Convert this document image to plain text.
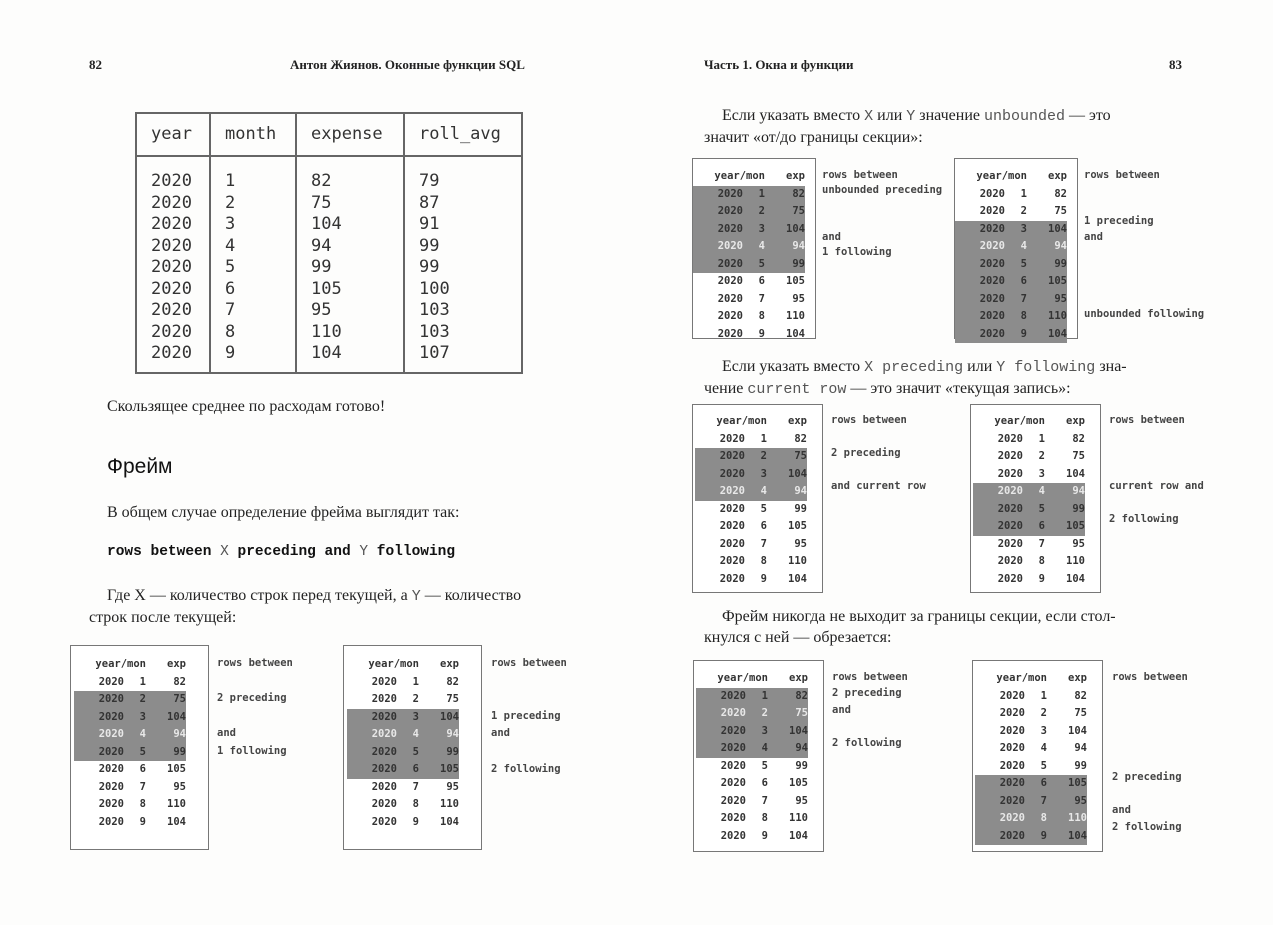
82	Антон Жиянов. Оконные функции SQL
year	month	expense	roll_avg
2020	1	82	79
2020	2	75	87
2020	3	104	91
2020	4	94	99
2020	5	99	99
2020	6	105	100
2020	7	95	103
2020	8	110	103
2020	9	104	107
Скользящее среднее по расходам готово!
Фрейм
В общем случае определение фрейма выглядит так:
rows between X preceding and Y following
Где X — количество строк перед текущей, а Y — количество
строк после текущей:
Часть 1. Окна и функции	83
Если указать вместо X или Y значение unbounded — это
значит «от/до границы секции»:
Если указать вместо X preceding или Y following зна-
чение current row — это значит «текущая запись»:
Фрейм никогда не выходит за границы секции, если стол-
кнулся с ней — обрезается:
year/mon exp
2020 1	82
2020 2	75
2020 3 104
2020 4	94
2020 5	99
2020 6 105
2020 7	95
2020 8 110
2020 9 104
rows between
2 preceding
and
1 following
year/mon exp
2020 1	82
2020 2	75
2020 3 104
2020 4	94
2020 5	99
2020 6 105
2020 7	95
2020 8 110
2020 9 104
rows between
1 preceding
and
2 following
year/mon exp
2020 1	82
2020 2	75
2020 3 104
2020 4	94
2020 5	99
2020 6 105
2020 7	95
2020 8 110
2020 9 104
rows between
unbounded preceding
and
1 following
year/mon exp
2020 1	82
2020 2	75
2020 3 104
2020 4	94
2020 5	99
2020 6 105
2020 7	95
2020 8 110
2020 9 104
rows between
1 preceding
and
unbounded following
year/mon exp
2020 1	82
2020 2	75
2020 3 104
2020 4	94
2020 5	99
2020 6 105
2020 7	95
2020 8 110
2020 9 104
rows between
2 preceding
and current row
year/mon exp
2020 1	82
2020 2	75
2020 3 104
2020 4	94
2020 5	99
2020 6 105
2020 7	95
2020 8 110
2020 9 104
rows between
current row and
2 following
year/mon exp
2020 1	82
2020 2	75
2020 3 104
2020 4	94
2020 5	99
2020 6 105
2020 7	95
2020 8 110
2020 9 104
rows between
2 preceding
and
2 following
year/mon exp
2020 1	82
2020 2	75
2020 3 104
2020 4	94
2020 5	99
2020 6 105
2020 7	95
2020 8 110
2020 9 104
rows between
2 preceding
and
2 following
